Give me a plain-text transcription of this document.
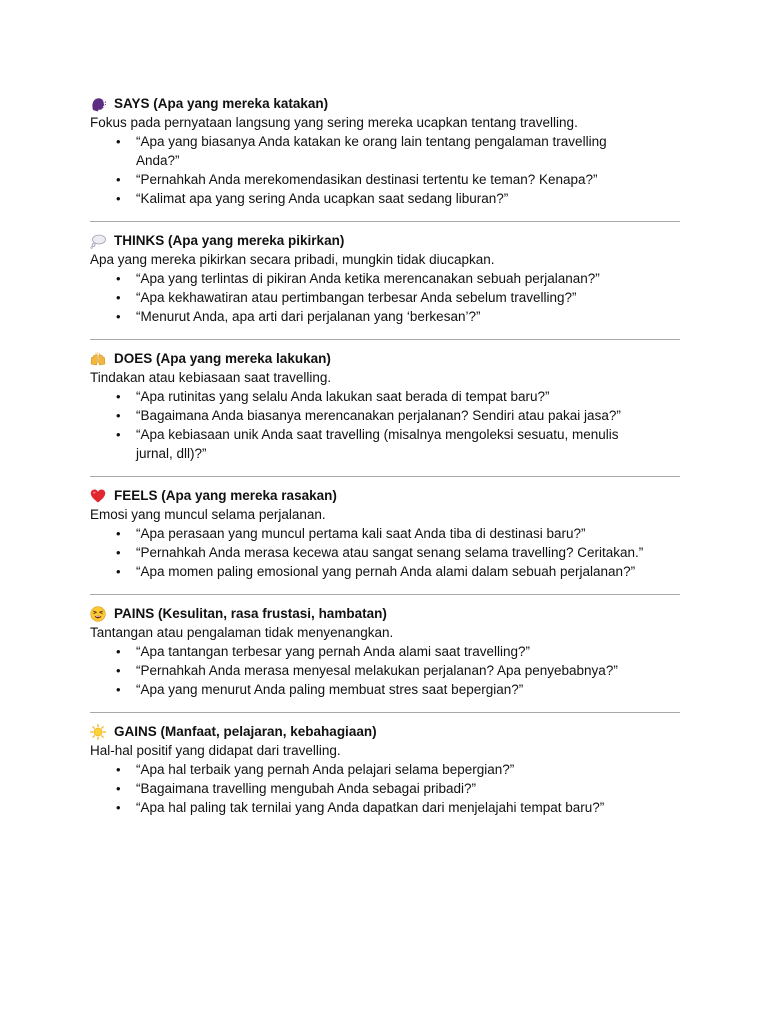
SAYS (Apa yang mereka katakan)
Fokus pada pernyataan langsung yang sering mereka ucapkan tentang travelling.
• “Apa yang biasanya Anda katakan ke orang lain tentang pengalaman travelling Anda?”
• “Pernahkah Anda merekomendasikan destinasi tertentu ke teman? Kenapa?”
• “Kalimat apa yang sering Anda ucapkan saat sedang liburan?”
THINKS (Apa yang mereka pikirkan)
Apa yang mereka pikirkan secara pribadi, mungkin tidak diucapkan.
• “Apa yang terlintas di pikiran Anda ketika merencanakan sebuah perjalanan?”
• “Apa kekhawatiran atau pertimbangan terbesar Anda sebelum travelling?”
• “Menurut Anda, apa arti dari perjalanan yang ‘berkesan’?”
DOES (Apa yang mereka lakukan)
Tindakan atau kebiasaan saat travelling.
• “Apa rutinitas yang selalu Anda lakukan saat berada di tempat baru?”
• “Bagaimana Anda biasanya merencanakan perjalanan? Sendiri atau pakai jasa?”
• “Apa kebiasaan unik Anda saat travelling (misalnya mengoleksi sesuatu, menulis jurnal, dll)?”
FEELS (Apa yang mereka rasakan)
Emosi yang muncul selama perjalanan.
• “Apa perasaan yang muncul pertama kali saat Anda tiba di destinasi baru?”
• “Pernahkah Anda merasa kecewa atau sangat senang selama travelling? Ceritakan.”
• “Apa momen paling emosional yang pernah Anda alami dalam sebuah perjalanan?”
PAINS (Kesulitan, rasa frustasi, hambatan)
Tantangan atau pengalaman tidak menyenangkan.
• “Apa tantangan terbesar yang pernah Anda alami saat travelling?”
• “Pernahkah Anda merasa menyesal melakukan perjalanan? Apa penyebabnya?”
• “Apa yang menurut Anda paling membuat stres saat bepergian?”
GAINS (Manfaat, pelajaran, kebahagiaan)
Hal-hal positif yang didapat dari travelling.
• “Apa hal terbaik yang pernah Anda pelajari selama bepergian?”
• “Bagaimana travelling mengubah Anda sebagai pribadi?”
• “Apa hal paling tak ternilai yang Anda dapatkan dari menjelajahi tempat baru?”
